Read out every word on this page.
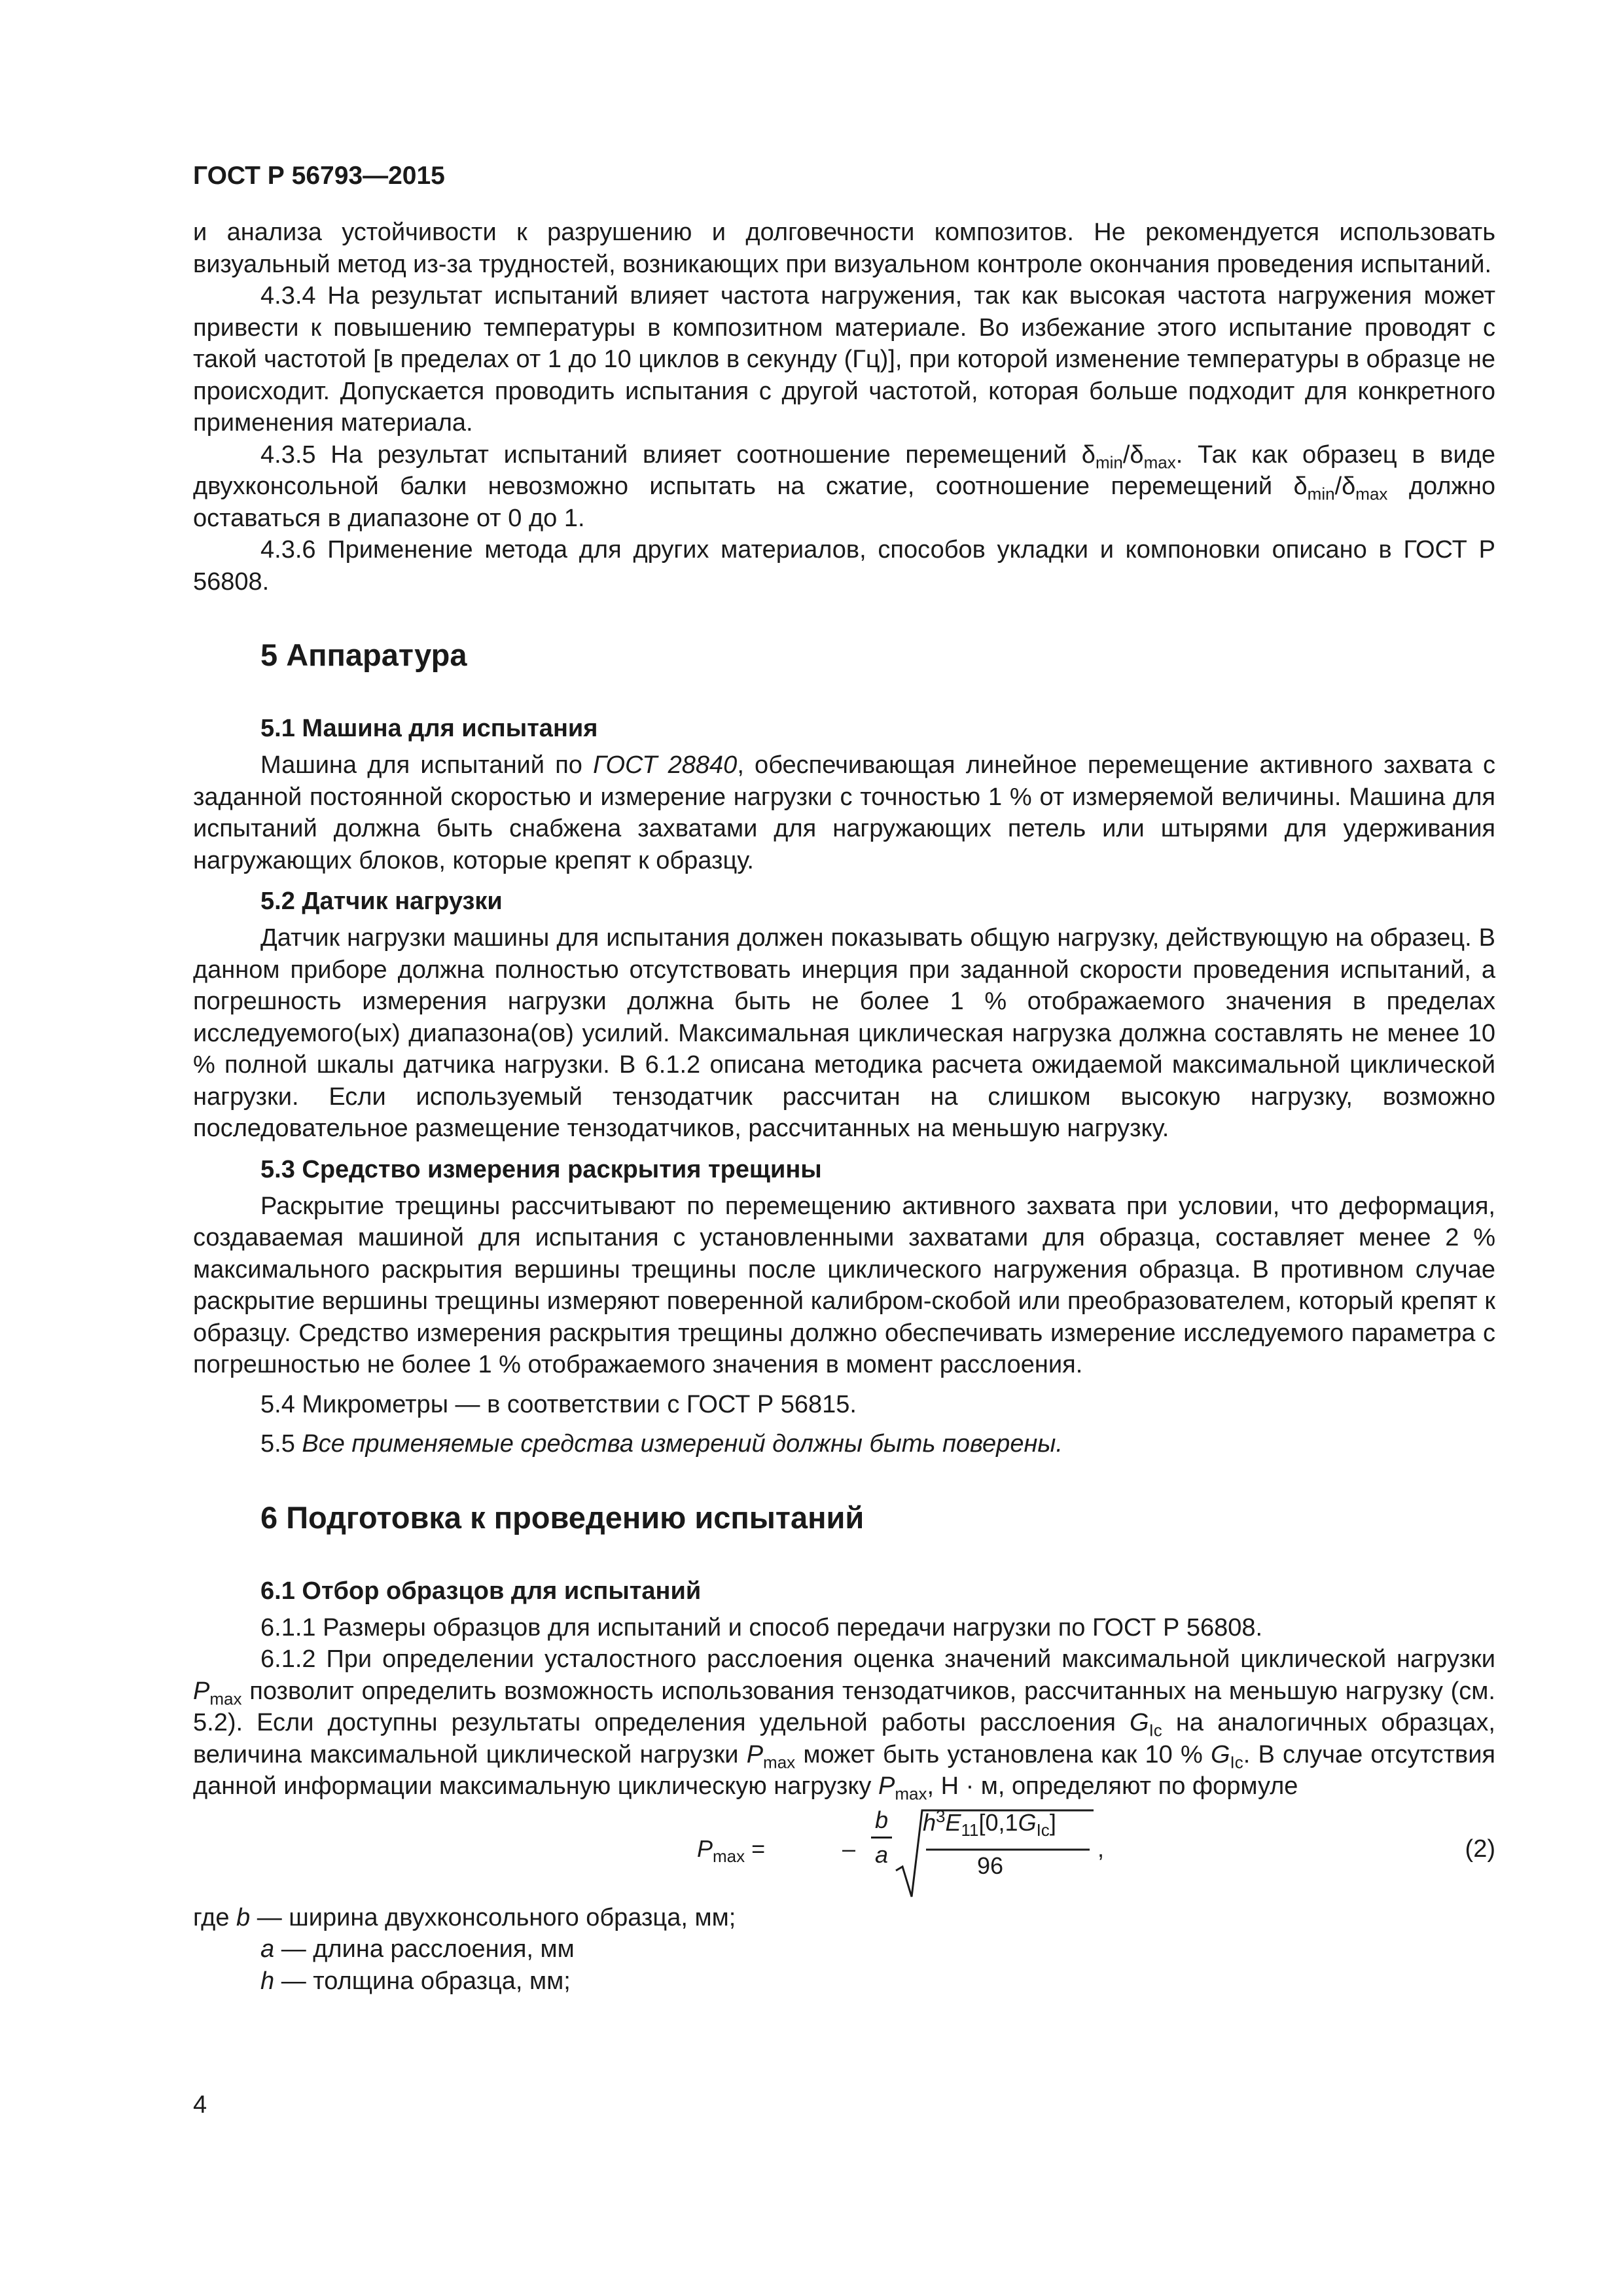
ГОСТ Р 56793—2015

и анализа устойчивости к разрушению и долговечности композитов. Не рекомендуется использовать визуальный метод из-за трудностей, возникающих при визуальном контроле окончания проведения испытаний.

4.3.4 На результат испытаний влияет частота нагружения, так как высокая частота нагружения может привести к повышению температуры в композитном материале. Во избежание этого испытание проводят с такой частотой [в пределах от 1 до 10 циклов в секунду (Гц)], при которой изменение температуры в образце не происходит. Допускается проводить испытания с другой частотой, которая больше подходит для конкретного применения материала.

4.3.5 На результат испытаний влияет соотношение перемещений $\delta_{min}/\delta_{max}$. Так как образец в виде двухконсольной балки невозможно испытать на сжатие, соотношение перемещений $\delta_{min}/\delta_{max}$ должно оставаться в диапазоне от 0 до 1.

4.3.6 Применение метода для других материалов, способов укладки и компоновки описано в ГОСТ Р 56808.

5 Аппаратура
5.1 Машина для испытания

Машина для испытаний по ГОСТ 28840, обеспечивающая линейное перемещение активного захвата с заданной постоянной скоростью и измерение нагрузки с точностью 1 % от измеряемой величины. Машина для испытаний должна быть снабжена захватами для нагружающих петель или штырями для удерживания нагружающих блоков, которые крепят к образцу.

5.2 Датчик нагрузки

Датчик нагрузки машины для испытания должен показывать общую нагрузку, действующую на образец. В данном приборе должна полностью отсутствовать инерция при заданной скорости проведения испытаний, а погрешность измерения нагрузки должна быть не более 1 % отображаемого значения в пределах исследуемого(ых) диапазона(ов) усилий. Максимальная циклическая нагрузка должна составлять не менее 10 % полной шкалы датчика нагрузки. В 6.1.2 описана методика расчета ожидаемой максимальной циклической нагрузки. Если используемый тензодатчик рассчитан на слишком высокую нагрузку, возможно последовательное размещение тензодатчиков, рассчитанных на меньшую нагрузку.

5.3 Средство измерения раскрытия трещины

Раскрытие трещины рассчитывают по перемещению активного захвата при условии, что деформация, создаваемая машиной для испытания с установленными захватами для образца, составляет менее 2 % максимального раскрытия вершины трещины после циклического нагружения образца. В противном случае раскрытие вершины трещины измеряют поверенной калибром-скобой или преобразователем, который крепят к образцу. Средство измерения раскрытия трещины должно обеспечивать измерение исследуемого параметра с погрешностью не более 1 % отображаемого значения в момент расслоения.

5.4 Микрометры — в соответствии с ГОСТ Р 56815.

5.5 Все применяемые средства измерений должны быть поверены.

6 Подготовка к проведению испытаний
6.1 Отбор образцов для испытаний

6.1.1 Размеры образцов для испытаний и способ передачи нагрузки по ГОСТ Р 56808.

6.1.2 При определении усталостного расслоения оценка значений максимальной циклической нагрузки $P_{max}$ позволит определить возможность использования тензодатчиков, рассчитанных на меньшую нагрузку (см. 5.2). Если доступны результаты определения удельной работы расслоения $G_{Ic}$ на аналогичных образцах, величина максимальной циклической нагрузки $P_{max}$ может быть установлена как 10 % $G_{Ic}$. В случае отсутствия данной информации максимальную циклическую нагрузку $P_{max}$, Н · м, определяют по формуле

$P_{max}$ =	–
b
a
$h^3E_{11}[0,1G_{Ic}]$
96
,	(2)

где b — ширина двухконсольного образца, мм;

a — длина расслоения, мм

h — толщина образца, мм;

4
